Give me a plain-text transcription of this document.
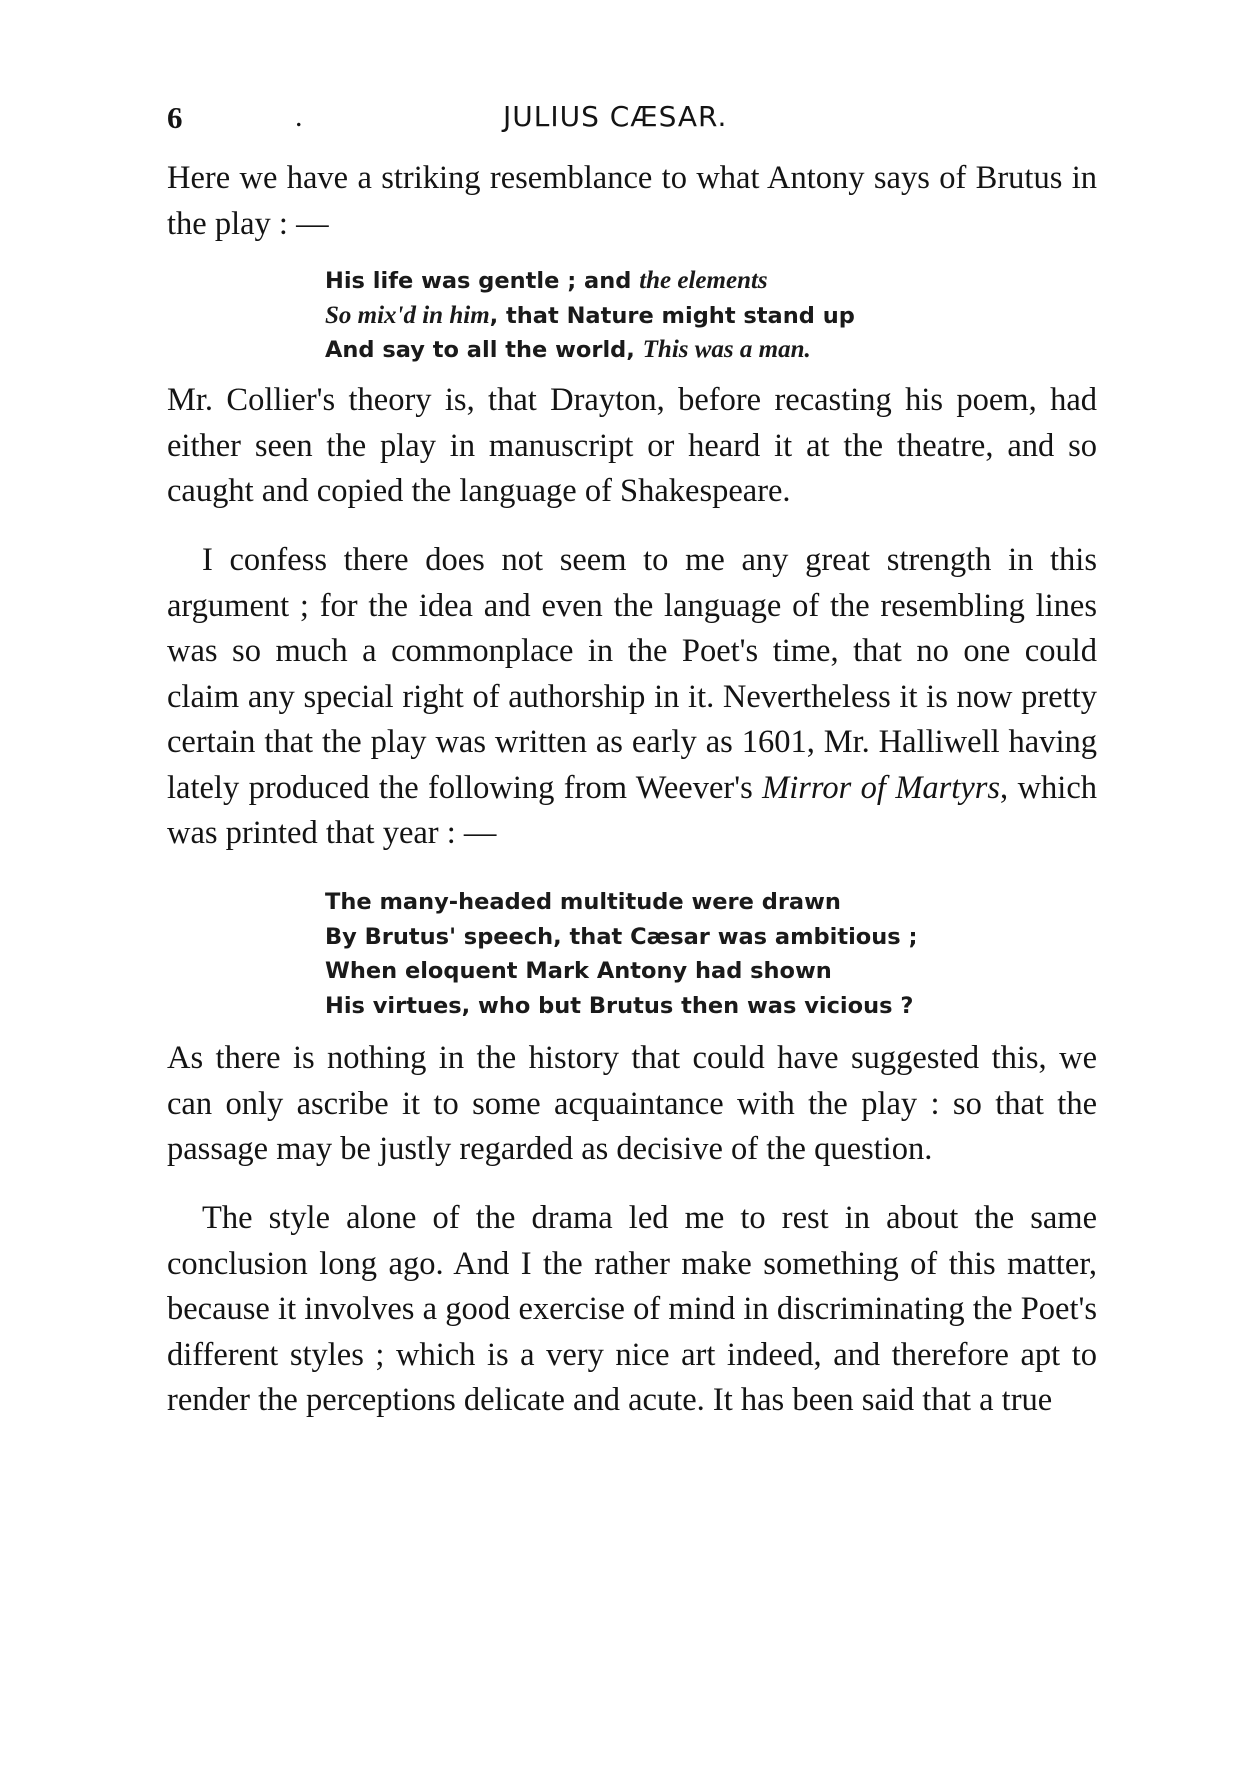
6	.	JULIUS CÆSAR.

Here we have a striking resemblance to what Antony says of Brutus in the play : —

His life was gentle ; and the elements
So mix'd in him, that Nature might stand up
And say to all the world, This was a man.

Mr. Collier's theory is, that Drayton, before recasting his poem, had either seen the play in manuscript or heard it at the theatre, and so caught and copied the language of Shakespeare.

I confess there does not seem to me any great strength in this argument ; for the idea and even the language of the resembling lines was so much a commonplace in the Poet's time, that no one could claim any special right of authorship in it. Nevertheless it is now pretty certain that the play was written as early as 1601, Mr. Halliwell having lately produced the following from Weever's Mirror of Martyrs, which was printed that year : —

The many-headed multitude were drawn
By Brutus' speech, that Cæsar was ambitious ;
When eloquent Mark Antony had shown
His virtues, who but Brutus then was vicious ?

As there is nothing in the history that could have suggested this, we can only ascribe it to some acquaintance with the play : so that the passage may be justly regarded as decisive of the question.

The style alone of the drama led me to rest in about the same conclusion long ago. And I the rather make something of this matter, because it involves a good exercise of mind in discriminating the Poet's different styles ; which is a very nice art indeed, and therefore apt to render the perceptions delicate and acute. It has been said that a true
